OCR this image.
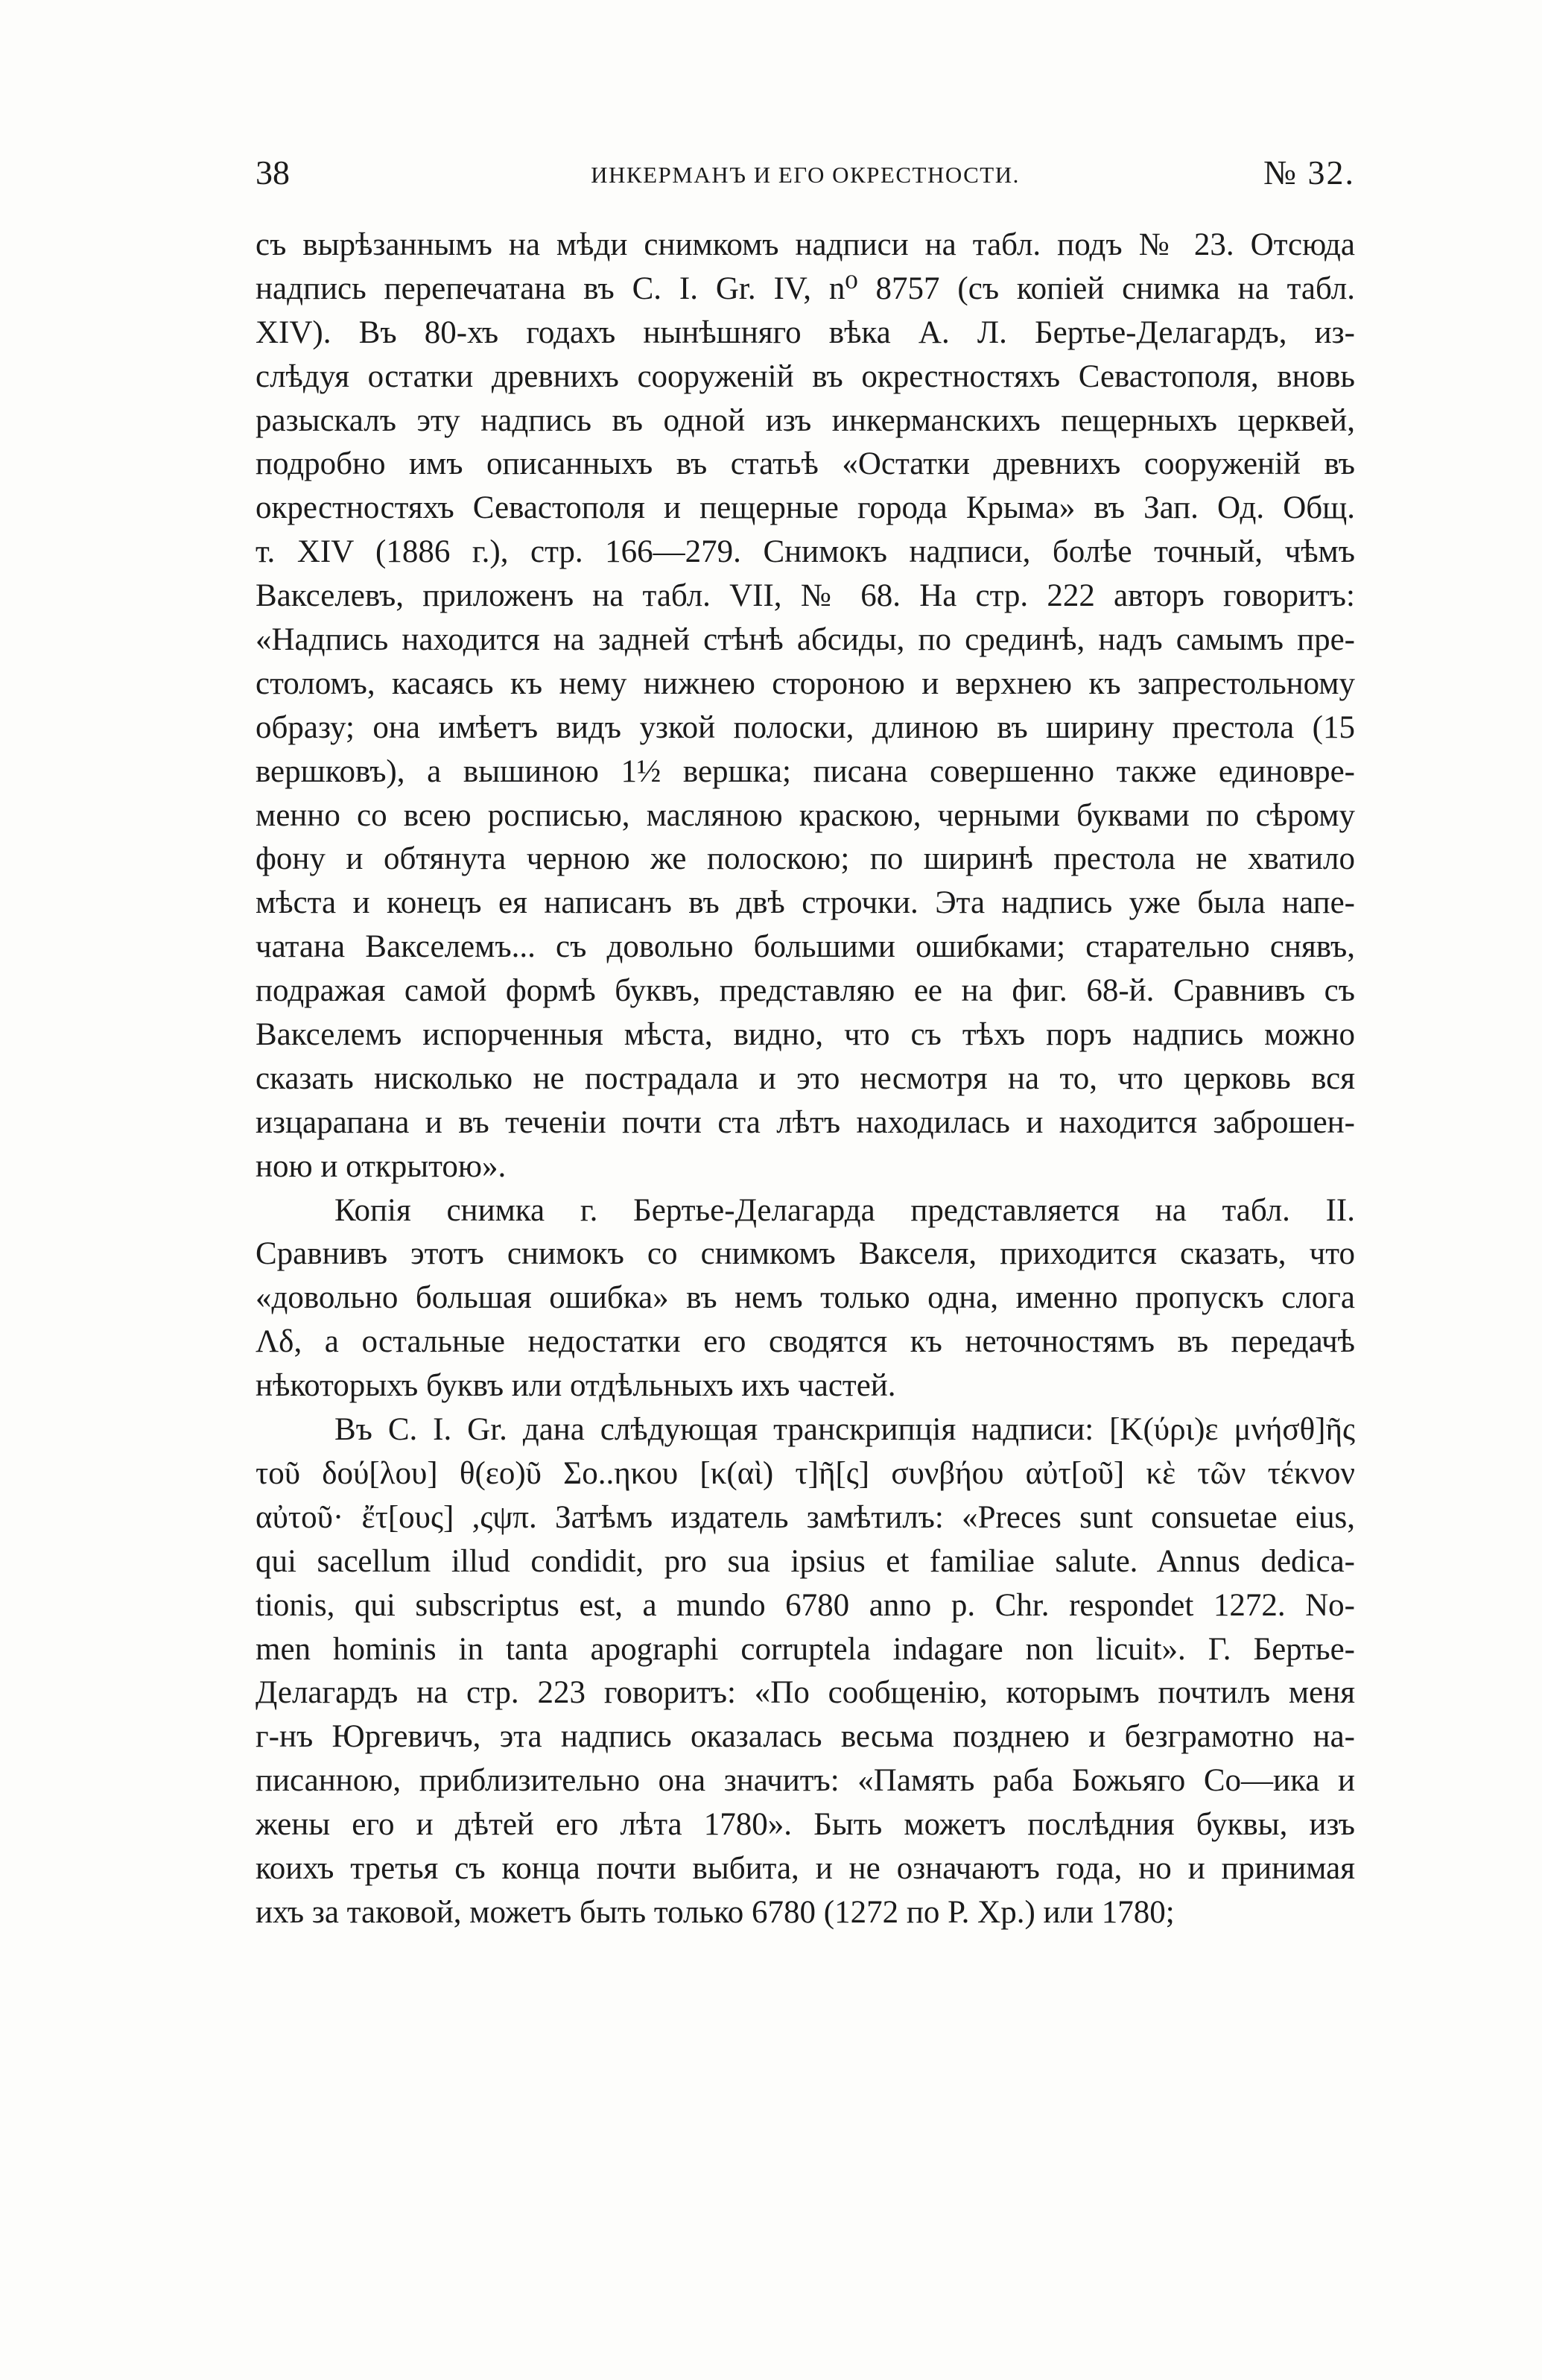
38	ИНКЕРМАНЪ И ЕГО ОКРЕСТНОСТИ.	№ 32.
съ вырѣзаннымъ на мѣди снимкомъ надписи на табл. подъ № 23. Отсюда
надпись перепечатана въ С. I. Gr. IV, n⁰ 8757 (съ копiей снимка на табл.
XIV). Въ 80-хъ годахъ нынѣшняго вѣка А. Л. Бертье-Делагардъ, из-
слѣдуя остатки древнихъ сооруженiй въ окрестностяхъ Севастополя, вновь
разыскалъ эту надпись въ одной изъ инкерманскихъ пещерныхъ церквей,
подробно имъ описанныхъ въ статьѣ «Остатки древнихъ сооруженiй въ
окрестностяхъ Севастополя и пещерные города Крыма» въ Зап. Од. Общ.
т. XIV (1886 г.), стр. 166—279. Снимокъ надписи, болѣе точный, чѣмъ
Вакселевъ, приложенъ на табл. VII, № 68. На стр. 222 авторъ говоритъ:
«Надпись находится на задней стѣнѣ абсиды, по срединѣ, надъ самымъ пре-
столомъ, касаясь къ нему нижнею стороною и верхнею къ запрестольному
образу; она имѣетъ видъ узкой полоски, длиною въ ширину престола (15
вершковъ), а вышиною 1½ вершка; писана совершенно также единовре-
менно со всею росписью, масляною краскою, черными буквами по сѣрому
фону и обтянута черною же полоскою; по ширинѣ престола не хватило
мѣста и конецъ ея написанъ въ двѣ строчки. Эта надпись уже была напе-
чатана Вакселемъ... съ довольно большими ошибками; старательно снявъ,
подражая самой формѣ буквъ, представляю ее на фиг. 68-й. Сравнивъ съ
Вакселемъ испорченныя мѣста, видно, что съ тѣхъ поръ надпись можно
сказать нисколько не пострадала и это несмотря на то, что церковь вся
изцарапана и въ теченiи почти ста лѣтъ находилась и находится заброшен-
ною и открытою».
Копiя снимка г. Бертье-Делагарда представляется на табл. II.
Сравнивъ этотъ снимокъ со снимкомъ Вакселя, приходится сказать, что
«довольно большая ошибка» въ немъ только одна, именно пропускъ слога
Λδ, а остальные недостатки его сводятся къ неточностямъ въ передачѣ
нѣкоторыхъ буквъ или отдѣльныхъ ихъ частей.
Въ С. I. Gr. дана слѣдующая транскрипцiя надписи: [Κ(ύρι)ε μνήσθ]ῆς
τοῦ δού[λου] θ(εο)ῦ Σο..ηκου [κ(αὶ) τ]ῆ[ς] συνβήου αὐτ[οῦ] κὲ τῶν τέκνον
αὐτοῦ· ἔτ[ους] ,ςψπ. Затѣмъ издатель замѣтилъ: «Preces sunt consuetae eius,
qui sacellum illud condidit, pro sua ipsius et familiae salute. Annus dedica-
tionis, qui subscriptus est, a mundo 6780 anno p. Chr. respondet 1272. No-
men hominis in tanta apographi corruptela indagare non licuit». Г. Бертье-
Делагардъ на стр. 223 говоритъ: «По сообщенiю, которымъ почтилъ меня
г-нъ Юргевичъ, эта надпись оказалась весьма позднею и безграмотно на-
писанною, приблизительно она значитъ: «Память раба Божьяго Со—ика и
жены его и дѣтей его лѣта 1780». Быть можетъ послѣдния буквы, изъ
коихъ третья съ конца почти выбита, и не означаютъ года, но и принимая
ихъ за таковой, можетъ быть только 6780 (1272 по Р. Хр.) или 1780;
